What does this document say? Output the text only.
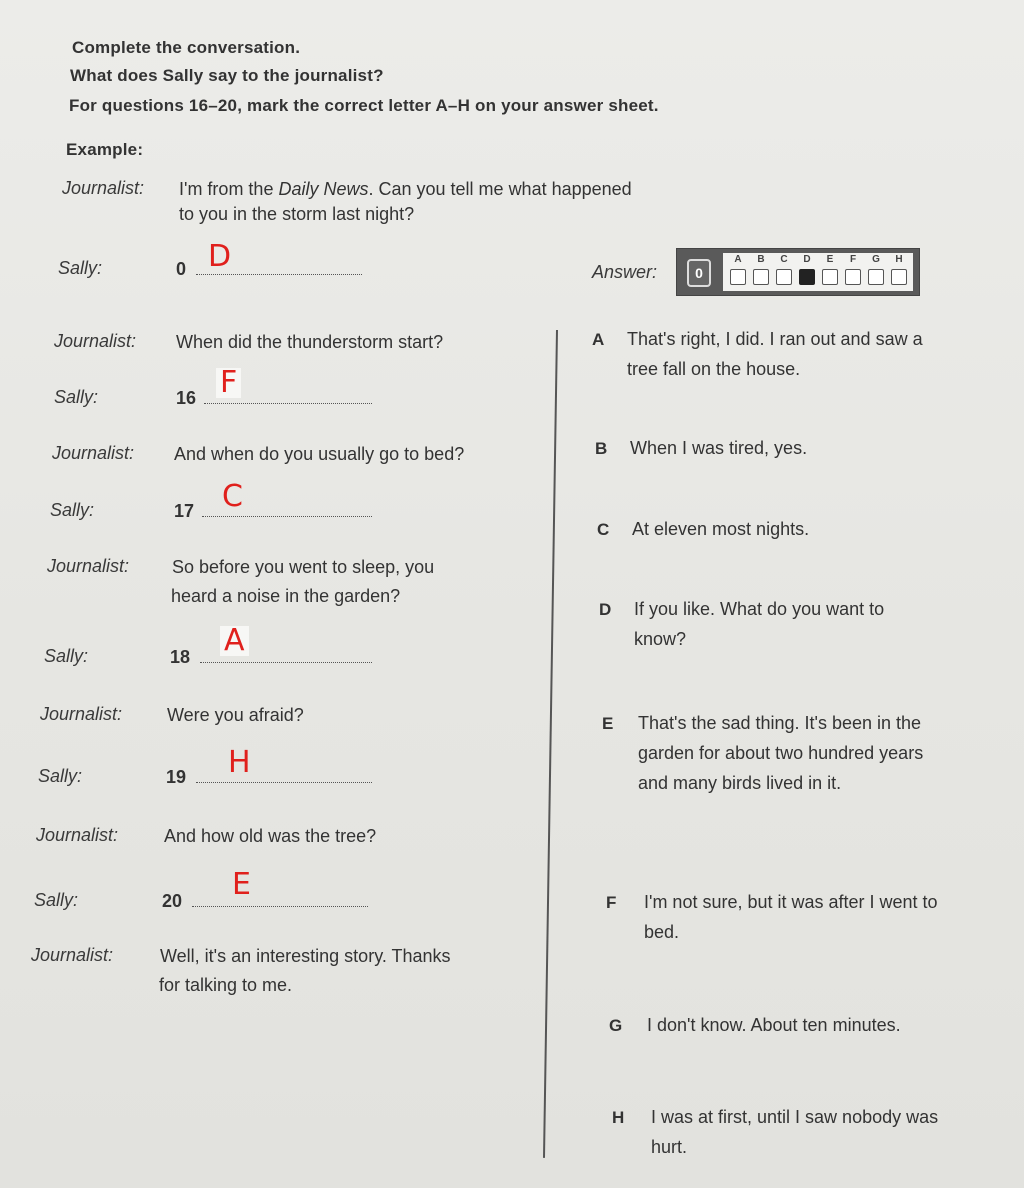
Complete the conversation.
What does Sally say to the journalist?
For questions 16–20, mark the correct letter A–H on your answer sheet.
Example:
Journalist: I'm from the Daily News. Can you tell me what happened
to you in the storm last night?
Sally:	0 D	Answer:	0
A	B	C	D	E	F	G	H
Journalist: When did the thunderstorm start?
Sally:	16 F
Journalist: And when do you usually go to bed?
Sally:	17 C
Journalist: So before you went to sleep, you
heard a noise in the garden?
Sally:	18 A
Journalist: Were you afraid?
Sally:	19 H
Journalist:	And how old was the tree?
Sally:	20 E
Journalist:	Well, it's an interesting story. Thanks
for talking to me.
A That's right, I did. I ran out and saw a tree fall on the house.
B When I was tired, yes.
C At eleven most nights.
D If you like. What do you want to know?
E That's the sad thing. It's been in the garden for about two hundred years and many birds lived in it.
F I'm not sure, but it was after I went to bed.
G I don't know. About ten minutes.
H I was at first, until I saw nobody was hurt.
